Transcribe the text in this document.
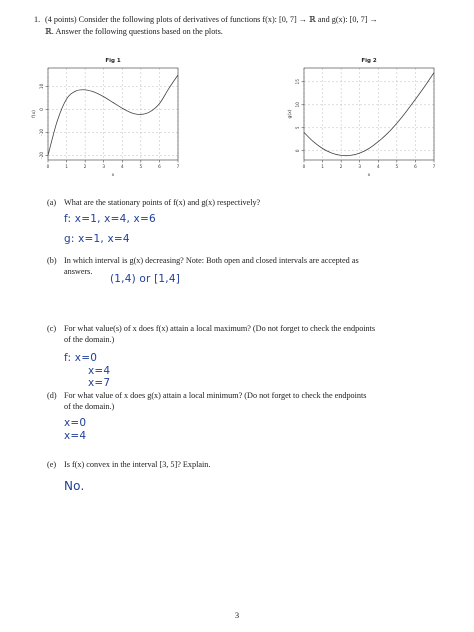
1. (4 points) Consider the following plots of derivatives of functions f(x): [0, 7] → ℝ and g(x): [0, 7] →
ℝ. Answer the following questions based on the plots.
Fig 1
0	1	2	3	4	5	6	7
-20
-10
0
10
x
f(x)
Fig 2
0	1	2	3	4	5	6	7
0
5
10
15
x
g(x)
(a) What are the stationary points of f(x) and g(x) respectively?
f: x=1, x=4, x=6
g: x=1, x=4
(b) In which interval is g(x) decreasing? Note: Both open and closed intervals are accepted as
answers.
(1,4) or [1,4]
(c) For what value(s) of x does f(x) attain a local maximum? (Do not forget to check the endpoints
of the domain.)
f: x=0
x=4
x=7
(d) For what value of x does g(x) attain a local minimum? (Do not forget to check the endpoints
of the domain.)
x=0
x=4
(e) Is f(x) convex in the interval [3, 5]? Explain.
No.
3
